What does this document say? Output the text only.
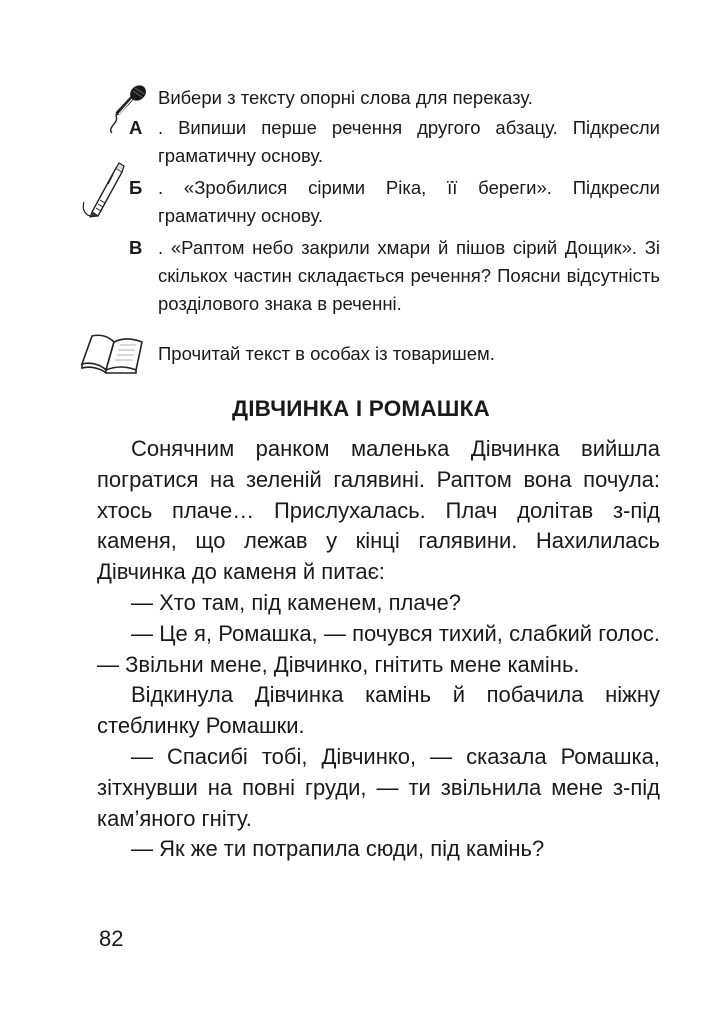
Вибери з тексту опорні слова для переказу.

А . Випиши перше речення другого абзацу. Підкресли граматичну основу.
Б . «Зробилися сірими Ріка, її береги». Підкресли граматичну основу.
В . «Раптом небо закрили хмари й пішов сірий Дощик». Зі скількох частин складається речення? Поясни відсутність розділового знака в реченні.
Прочитай текст в особах із товаришем.
ДІВЧИНКА І РОМАШКА

Сонячним ранком маленька Дівчинка вийшла погратися на зеленій галявині. Раптом вона почула: хтось плаче… Прислухалась. Плач долітав з-під каменя, що лежав у кінці галявини. Нахилилась Дівчинка до каменя й питає:

— Хто там, під каменем, плаче?

— Це я, Ромашка, — почувся тихий, слабкий голос. — Звільни мене, Дівчинко, гнітить мене камінь.

Відкинула Дівчинка камінь й побачила ніжну стеблинку Ромашки.

— Спасибі тобі, Дівчинко, — сказала Ромашка, зітхнувши на повні груди, — ти звільнила мене з-під кам’яного гніту.

— Як же ти потрапила сюди, під камінь?

82
